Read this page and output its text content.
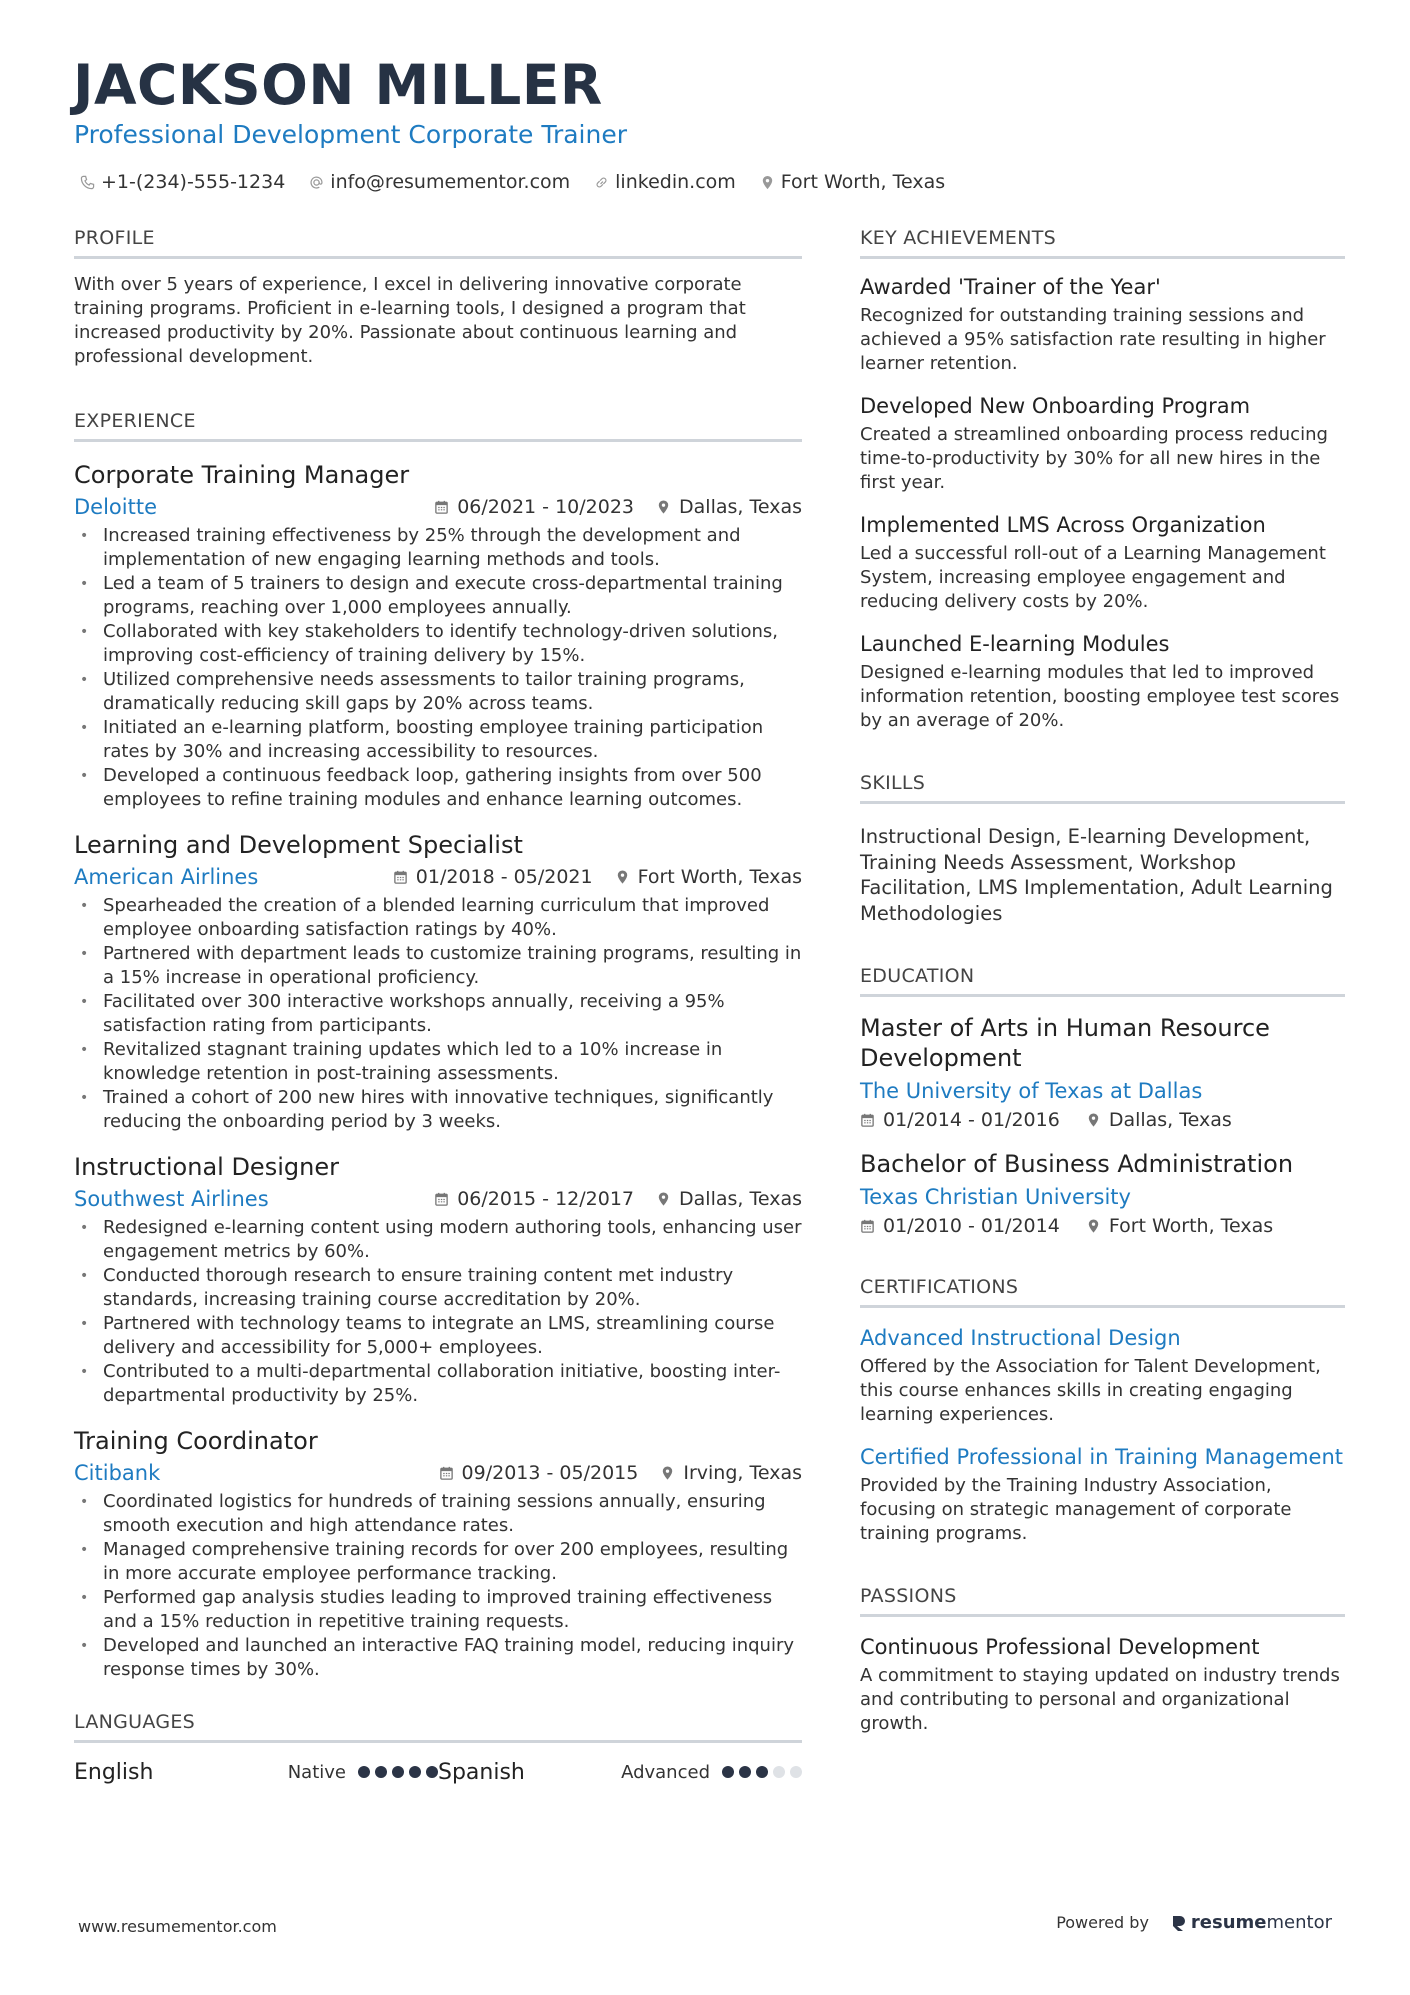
JACKSON MILLER
Professional Development Corporate Trainer
+1-(234)-555-1234 info@resumementor.com linkedin.com Fort Worth, Texas
PROFILE
With over 5 years of experience, I excel in delivering innovative corporate training programs. Proficient in e-learning tools, I designed a program that increased productivity by 20%. Passionate about continuous learning and professional development.
EXPERIENCE
Corporate Training Manager
Deloitte	06/2021 - 10/2023 Dallas, Texas
• Increased training effectiveness by 25% through the development and implementation of new engaging learning methods and tools.
• Led a team of 5 trainers to design and execute cross-departmental training programs, reaching over 1,000 employees annually.
• Collaborated with key stakeholders to identify technology-driven solutions, improving cost-efficiency of training delivery by 15%.
• Utilized comprehensive needs assessments to tailor training programs, dramatically reducing skill gaps by 20% across teams.
• Initiated an e-learning platform, boosting employee training participation rates by 30% and increasing accessibility to resources.
• Developed a continuous feedback loop, gathering insights from over 500 employees to refine training modules and enhance learning outcomes.
Learning and Development Specialist
American Airlines	01/2018 - 05/2021 Fort Worth, Texas
• Spearheaded the creation of a blended learning curriculum that improved employee onboarding satisfaction ratings by 40%.
• Partnered with department leads to customize training programs, resulting in a 15% increase in operational proficiency.
• Facilitated over 300 interactive workshops annually, receiving a 95% satisfaction rating from participants.
• Revitalized stagnant training updates which led to a 10% increase in knowledge retention in post-training assessments.
• Trained a cohort of 200 new hires with innovative techniques, significantly reducing the onboarding period by 3 weeks.
Instructional Designer
Southwest Airlines	06/2015 - 12/2017 Dallas, Texas
• Redesigned e-learning content using modern authoring tools, enhancing user engagement metrics by 60%.
• Conducted thorough research to ensure training content met industry standards, increasing training course accreditation by 20%.
• Partnered with technology teams to integrate an LMS, streamlining course delivery and accessibility for 5,000+ employees.
• Contributed to a multi-departmental collaboration initiative, boosting inter-departmental productivity by 25%.
Training Coordinator
Citibank	09/2013 - 05/2015 Irving, Texas
• Coordinated logistics for hundreds of training sessions annually, ensuring smooth execution and high attendance rates.
• Managed comprehensive training records for over 200 employees, resulting in more accurate employee performance tracking.
• Performed gap analysis studies leading to improved training effectiveness and a 15% reduction in repetitive training requests.
• Developed and launched an interactive FAQ training model, reducing inquiry response times by 30%.
LANGUAGES
English	Native	Spanish	Advanced
KEY ACHIEVEMENTS
Awarded 'Trainer of the Year'
Recognized for outstanding training sessions and achieved a 95% satisfaction rate resulting in higher learner retention.
Developed New Onboarding Program
Created a streamlined onboarding process reducing time-to-productivity by 30% for all new hires in the first year.
Implemented LMS Across Organization
Led a successful roll-out of a Learning Management System, increasing employee engagement and reducing delivery costs by 20%.
Launched E-learning Modules
Designed e-learning modules that led to improved information retention, boosting employee test scores by an average of 20%.
SKILLS
Instructional Design, E-learning Development, Training Needs Assessment, Workshop Facilitation, LMS Implementation, Adult Learning Methodologies
EDUCATION
Master of Arts in Human Resource Development
The University of Texas at Dallas
01/2014 - 01/2016	Dallas, Texas
Bachelor of Business Administration
Texas Christian University
01/2010 - 01/2014	Fort Worth, Texas
CERTIFICATIONS
Advanced Instructional Design
Offered by the Association for Talent Development, this course enhances skills in creating engaging learning experiences.
Certified Professional in Training Management
Provided by the Training Industry Association, focusing on strategic management of corporate training programs.
PASSIONS
Continuous Professional Development
A commitment to staying updated on industry trends and contributing to personal and organizational growth.
www.resumementor.com	Powered by resumementor
